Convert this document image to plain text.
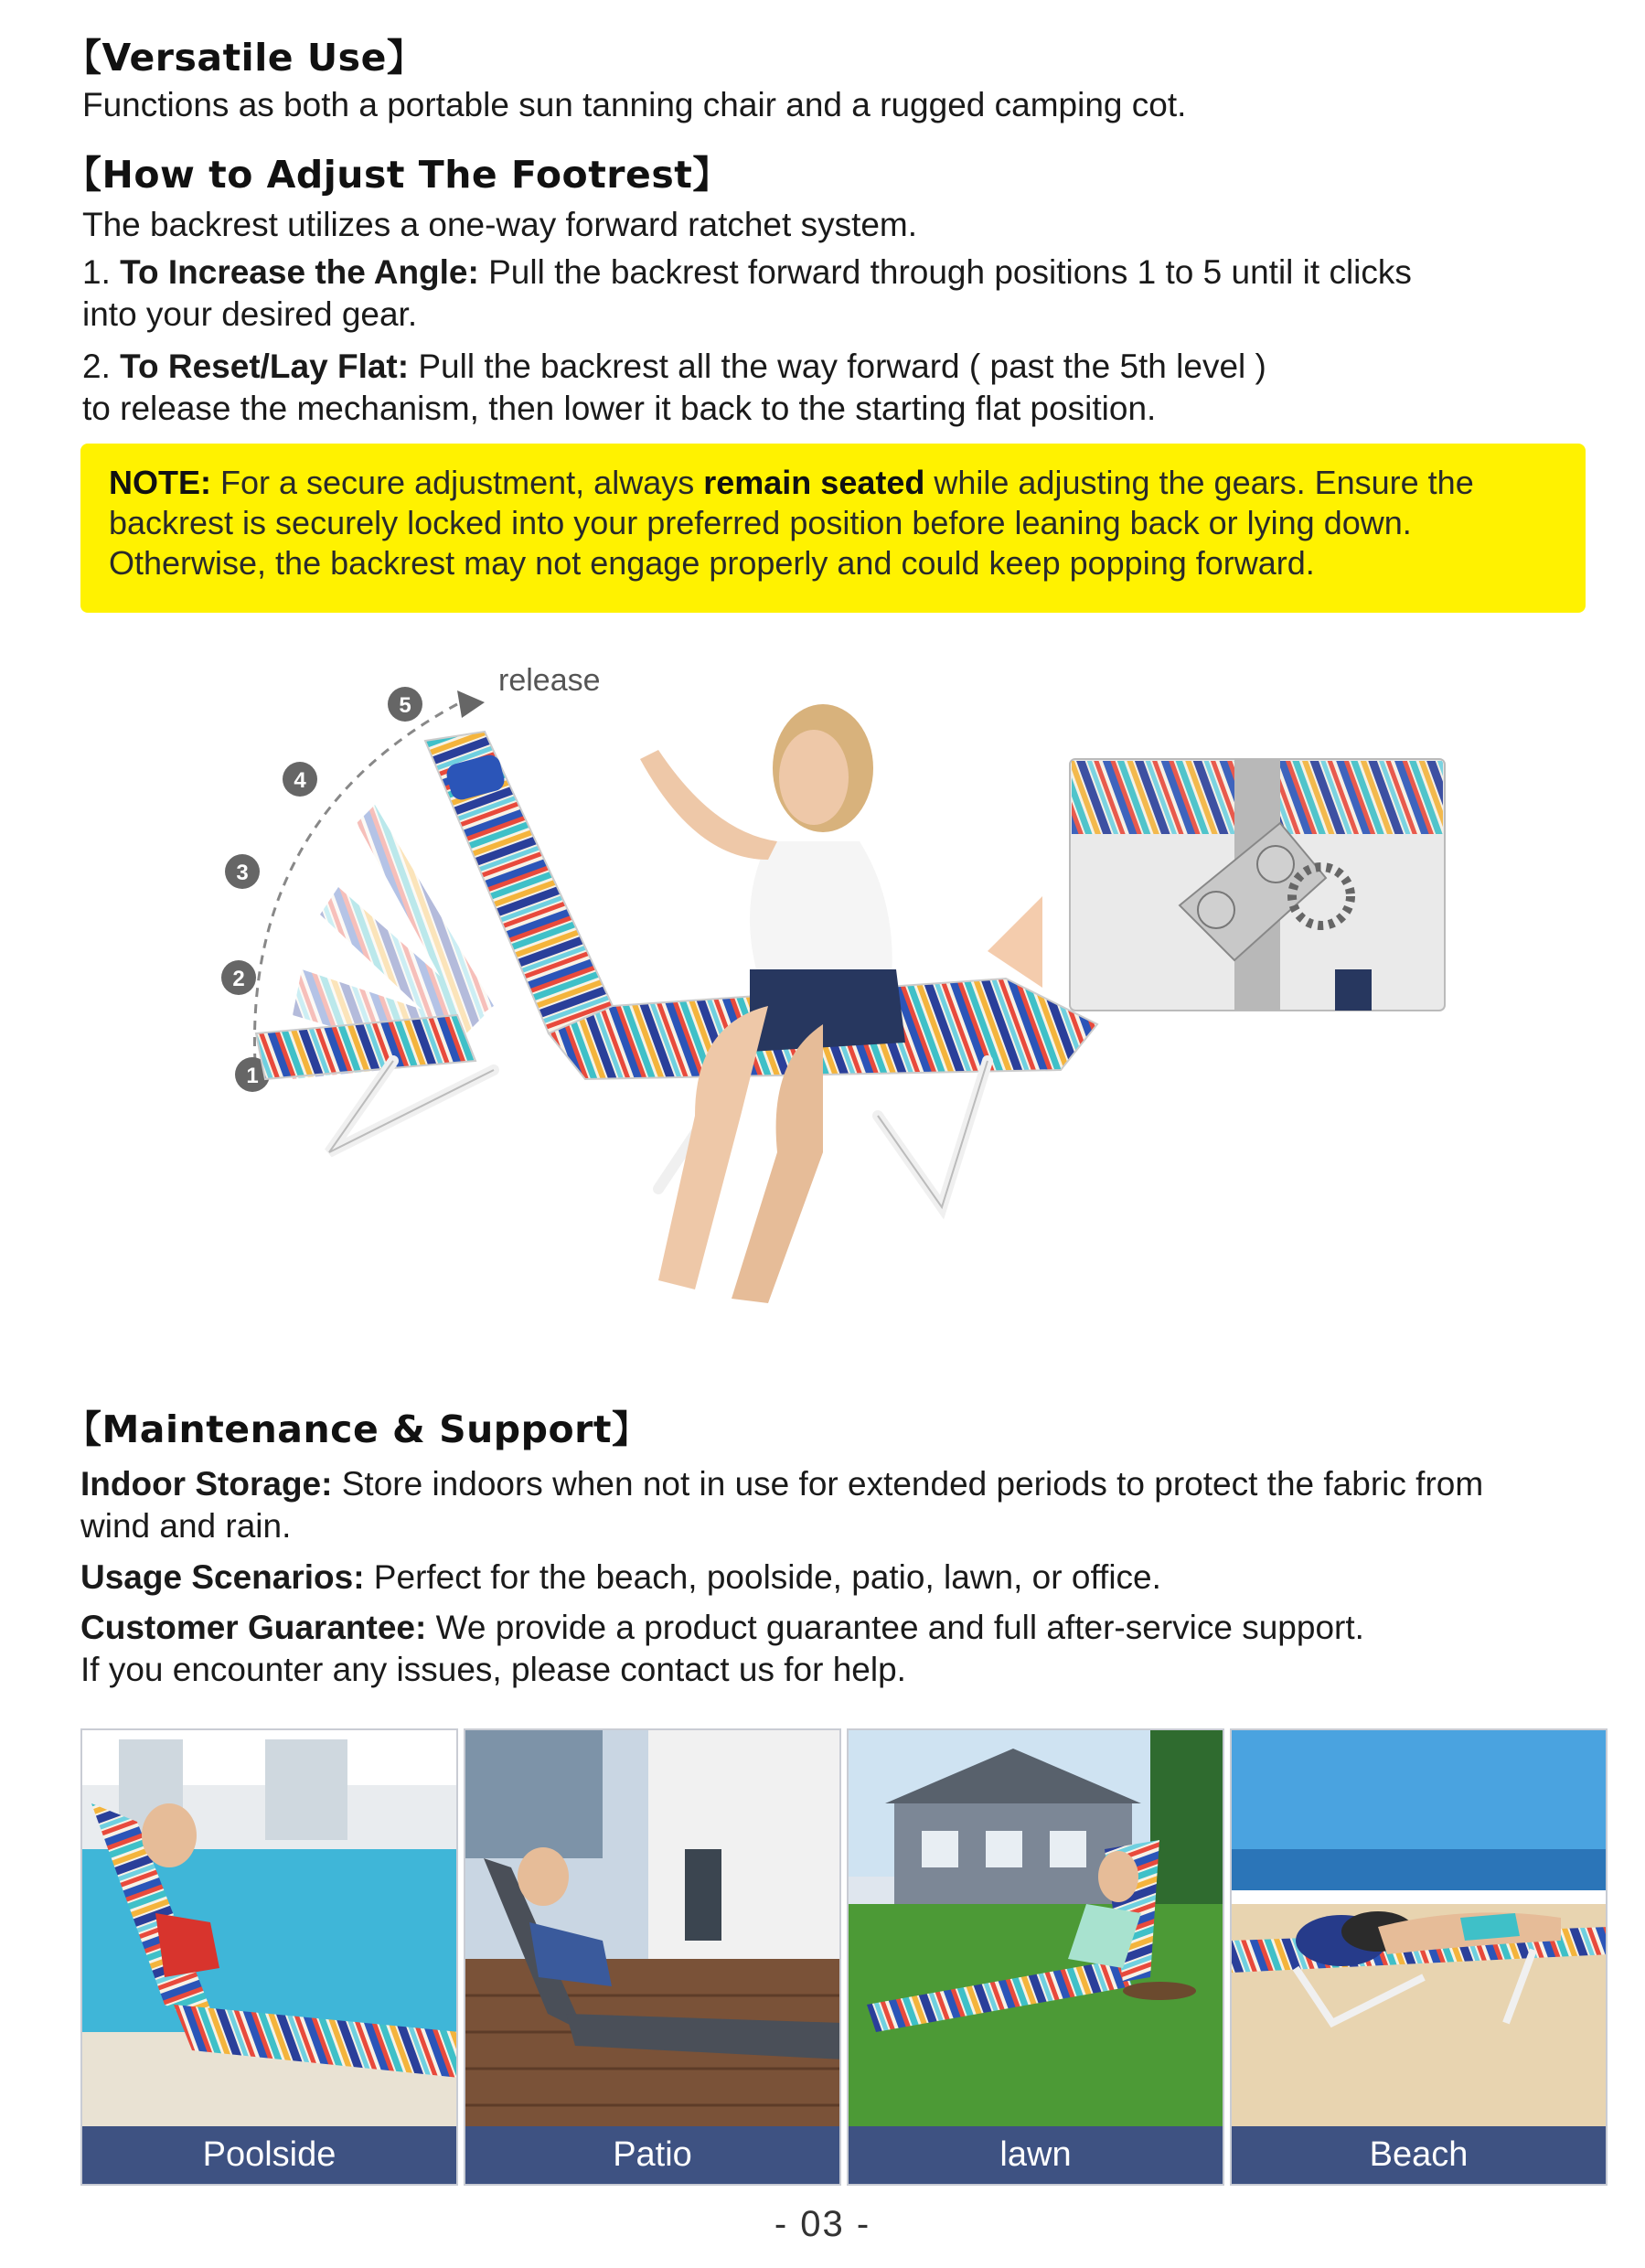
【Versatile Use】
Functions as both a portable sun tanning chair and a rugged camping cot.
【How to Adjust The Footrest】
The backrest utilizes a one-way forward ratchet system.
1. To Increase the Angle: Pull the backrest forward through positions 1 to 5 until it clicks
into your desired gear.
2. To Reset/Lay Flat: Pull the backrest all the way forward ( past the 5th level )
to release the mechanism, then lower it back to the starting flat position.
NOTE: For a secure adjustment, always remain seated while adjusting the gears. Ensure the
backrest is securely locked into your preferred position before leaning back or lying down.
Otherwise, the backrest may not engage properly and could keep popping forward.
release
1
2
3
4
5
【Maintenance & Support】
Indoor Storage: Store indoors when not in use for extended periods to protect the fabric from
wind and rain.
Usage Scenarios: Perfect for the beach, poolside, patio, lawn, or office.
Customer Guarantee: We provide a product guarantee and full after-service support.
If you encounter any issues, please contact us for help.
Poolside	Patio	lawn	Beach
- 03 -
